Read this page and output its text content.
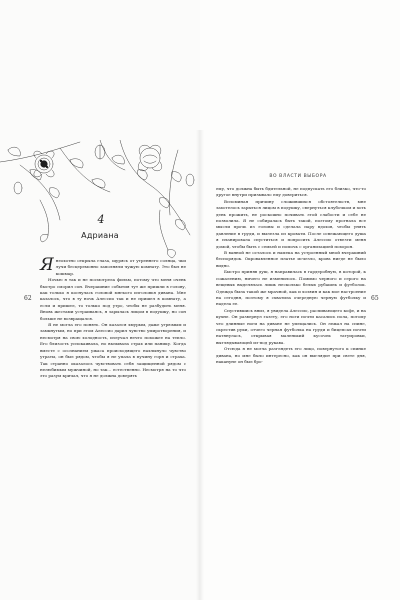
4
Адриана
62

Янеохотно открыла глаза, щурясь от утреннего солнца, чьи лучи бесцеремонно заполняли чужую комнату. Это был не кошмар.

Ночью я так и не посмотрела фильм, потому что меня очень быстро сморил сон. Вчерашние события тут же пришли в голову, как только я коснулась головой мягкого изголовья дивана. Мне казалось, что в ту ночь Алессио так и не пришел в комнату, а если и пришел, то только под утро, чтобы не разбудить меня. Вновь жестами устраиваясь, я зарылась лицом в подушку, но сон больше не возвращался.

Я не могла его понять. Он казался хмурым, даже угрюмым и замкнутым, но при этом Алессио дарил чувство умиротворения, и несмотря на свою холодность, излучал нечто похожее на тепло. Его близость успокаивала, но вызывала страх или панику. Когда вместе с осознанием ужаса происходящего нахлынуло чувство утраты, он был рядом, чтобы я не упала в пучину горя и страха. Так странно оказалось чувствовать себя защищенной рядом с нелюбимым мужчиной, но так... естественно. Несмотря на то что это разум кричал, что я не должна доверять

ВО ВЛАСТИ ВЫБОРА

ему, что должна быть бдительной, не подпускать его близко, что-то другое внутри призывало ему довериться.

Вспоминая причину сложившихся обстоятельств, мне захотелось зарыться лицом в подушку, свернуться клубочком и хоть день прожить, не роскошно почивать этой слабости и себе не позволила. Я не собиралась быть такой, поэтому прогнала все мысли прочь из головы и сделала пару вдохов, чтобы унять давление в груди, и вылезла из кровати. После освежающего душа я планировала спуститься и попросить Алессио отвезти меня домой, чтобы быть с семьей и помочь с организацией похорон.

В ванной не осталось и намека на устроенный мной вчерашний беспорядок. Окровавленное платье исчезло, кровь нигде не было видно.

Быстро приняв душ, я направилась в гардеробную, в которой, к сожалению, ничего не изменилось. Помимо черного и серого на вещевых выделялась лишь несколько белых рубашек и футболок. Одежда была такой же мрачной, как и хозяин и как мое настроение на сегодня, поэтому я схватила очередную черную футболку и надела ее.

Спустившись вниз, я увидела Алессио, распивающего кофе, и на кухне. Он развернул газету, его ноги почти касались пола, потому что длинные ноги на диване не умещались. Он лежал на спине, скрестив руки, отчего черная футболка на груди и бицепсах почти натянулась, открывая маленький кусочек татуировки, выглядывающей из-под рукава.

Отсюда я не могла разглядеть его лицо, повернутого к спинке дивана, но мне было интересно, как он выглядит при свете дня, накануне он был бро-

65
